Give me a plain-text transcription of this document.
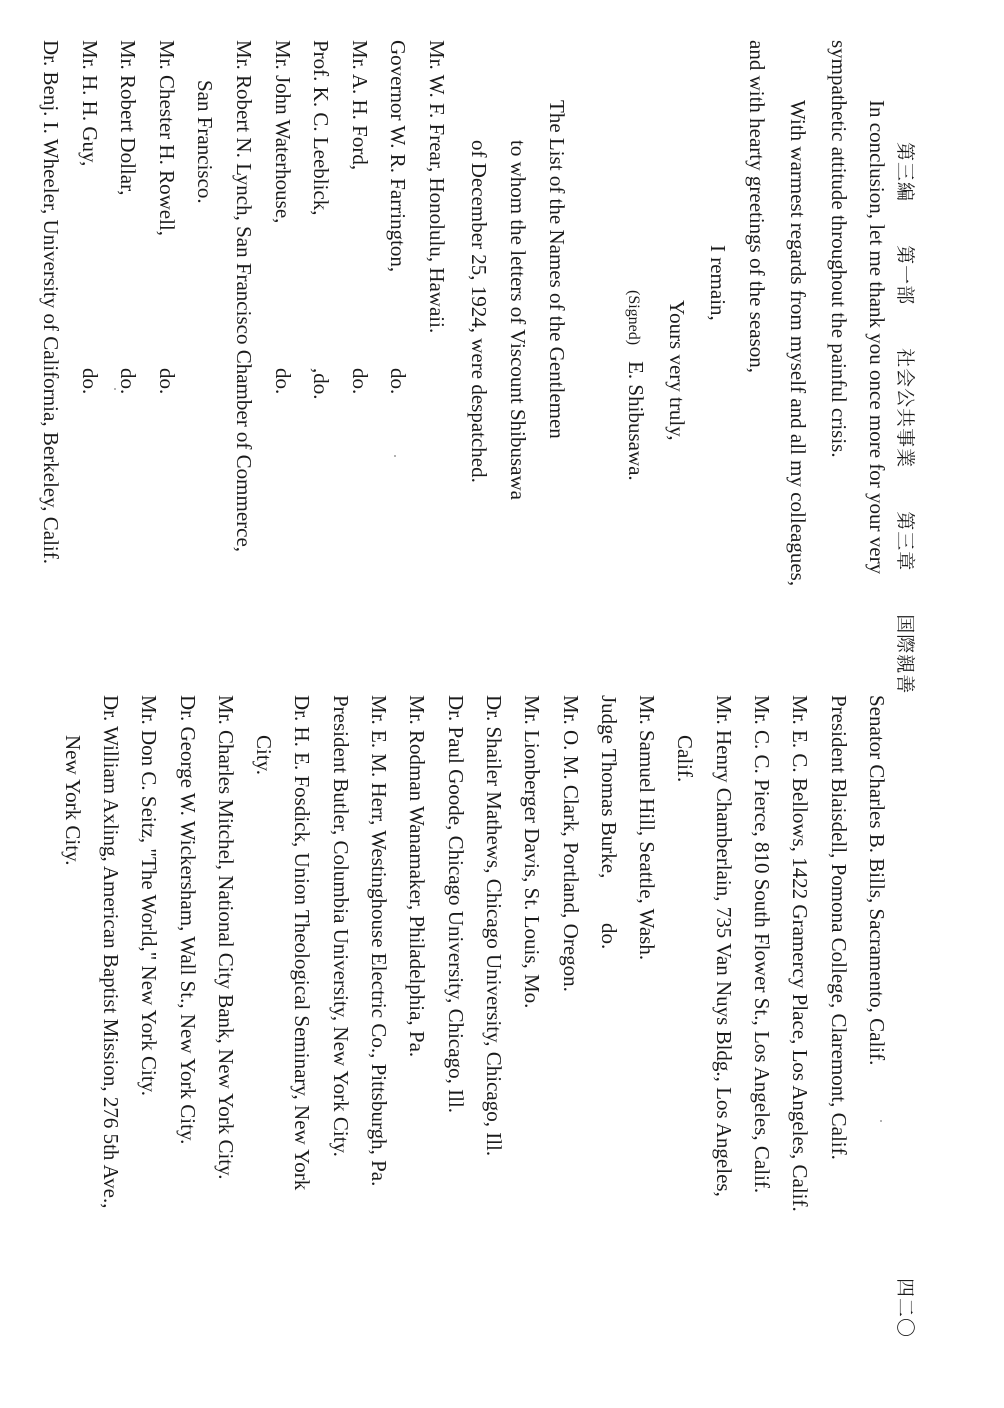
第三編 第一部 社会公共事業 第三章 国際親善
四二〇
In conclusion, let me thank you once more for your very
sympathetic attitude throughout the painful crisis.
With warmest regards from myself and all my colleagues,
and with hearty greetings of the season,
I remain,
Yours very truly,
(Signed)E. Shibusawa.
The List of the Names of the Gentlemen
to whom the letters of Viscount Shibusawa
of December 25, 1924, were despatched.
Mr. W. F. Frear, Honolulu, Hawaii.
Governor W. R. Farrington,
do.
Mr. A. H. Ford,
do.
Prof. K. C. Leeblick,
,do.
Mr. John Waterhouse,
do.
Mr. Robert N. Lynch, San Francisco Chamber of Commerce,
San Francisco.
Mr. Chester H. Rowell,
do.
Mr. Robert Dollar,
do.
Mr. H. H. Guy,
do.
Dr. Benj. I. Wheeler, University of California, Berkeley, Calif.
Senator Charles B. Bills, Sacramento, Calif.
President Blaisdell, Pomona College, Claremont, Calif.
Mr. E. C. Bellows, 1422 Gramercy Place, Los Angeles, Calif.
Mr. C. C. Pierce, 810 South Flower St., Los Angeles, Calif.
Mr. Henry Chamberlain, 735 Van Nuys Bldg., Los Angeles,
Calif.
Mr. Samuel Hill, Seattle, Wash.
Judge Thomas Burke,
do.
Mr. O. M. Clark, Portland, Oregon.
Mr. Lionberger Davis, St. Louis, Mo.
Dr. Shailer Mathews, Chicago University, Chicago, Ill.
Dr. Paul Goode, Chicago University, Chicago, Ill.
Mr. Rodman Wanamaker, Philadelphia, Pa.
Mr. E. M. Herr, Westinghouse Electric Co., Pittsburgh, Pa.
President Butler, Columbia University, New York City.
Dr. H. E. Fosdick, Union Theological Seminary, New York
City.
Mr. Charles Mitchel, National City Bank, New York City.
Dr. George W. Wickersham, Wall St., New York City.
Mr. Don C. Seitz, "The World," New York City.
Dr. William Axling, American Baptist Mission, 276 5th Ave.,
New York City.
